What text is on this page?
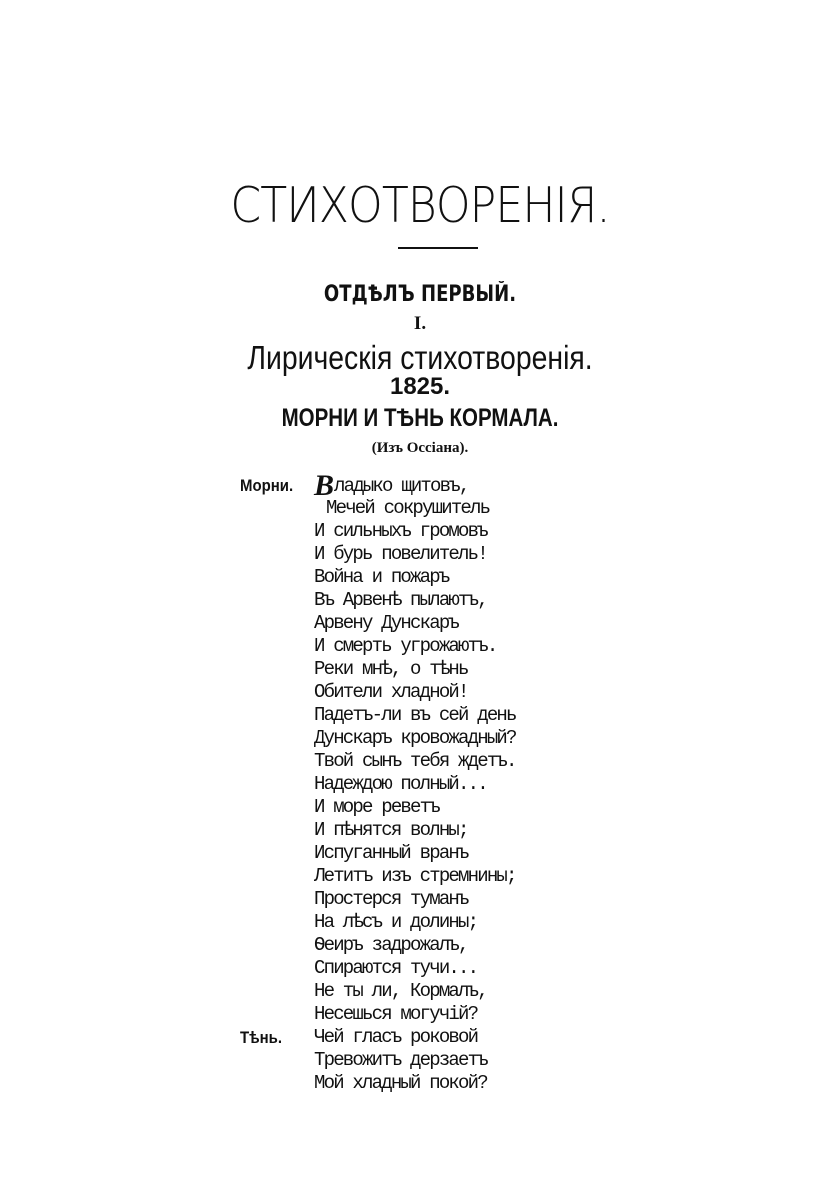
СТИХОТВОРЕНІЯ.
ОТДѢЛЪ ПЕРВЫЙ.
I.
Лирическія стихотворенія.
1825.
МОРНИ И ТѢНЬ КОРМАЛА.
(Изъ Оссіана).
Морни. Владыко щитовъ,
Мечей сокрушитель
И сильныхъ громовъ
И бурь повелитель!
Война и пожаръ
Въ Арвенѣ пылаютъ,
Арвену Дунскаръ
И смерть угрожаютъ.
Реки мнѣ, о тѣнь
Обители хладной!
Падетъ-ли въ сей день
Дунскаръ кровожадный?
Твой сынъ тебя ждетъ.
Надеждою полный...
И море реветъ
И пѣнятся волны;
Испуганный вранъ
Летитъ изъ стремнины;
Простерся туманъ
На лѣсъ и долины;
Ѳеиръ задрожалъ,
Спираются тучи...
Не ты ли, Кормалъ,
Несешься могучій?
Тѣнь. Чей гласъ роковой
Тревожитъ дерзаетъ
Мой хладный покой?
